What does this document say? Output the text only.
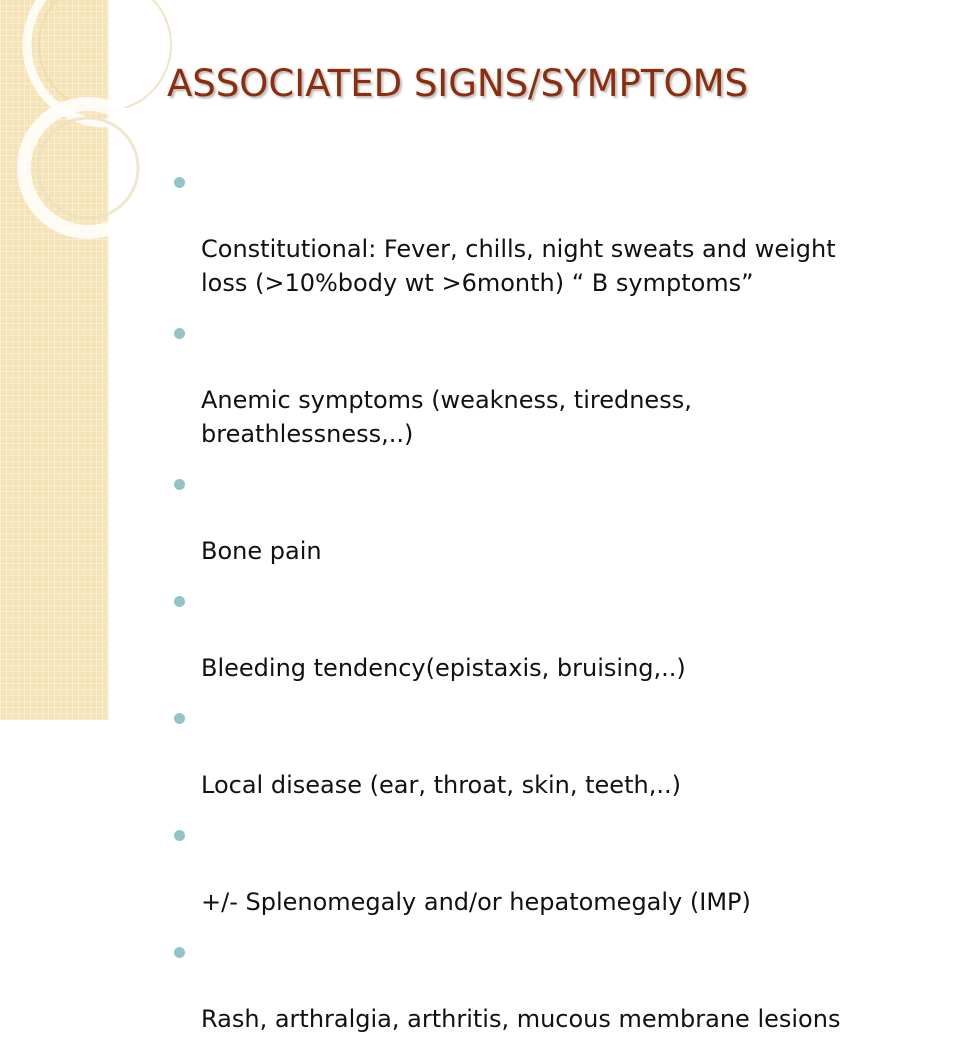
ASSOCIATED SIGNS/SYMPTOMS

Constitutional: Fever, chills, night sweats and weight
loss (>10%body wt >6month) “ B symptoms”

Anemic symptoms (weakness, tiredness,
breathlessness,..)

Bone pain

Bleeding tendency(epistaxis, bruising,..)

Local disease (ear, throat, skin, teeth,..)

+/- Splenomegaly and/or hepatomegaly (IMP)

Rash, arthralgia, arthritis, mucous membrane lesions
